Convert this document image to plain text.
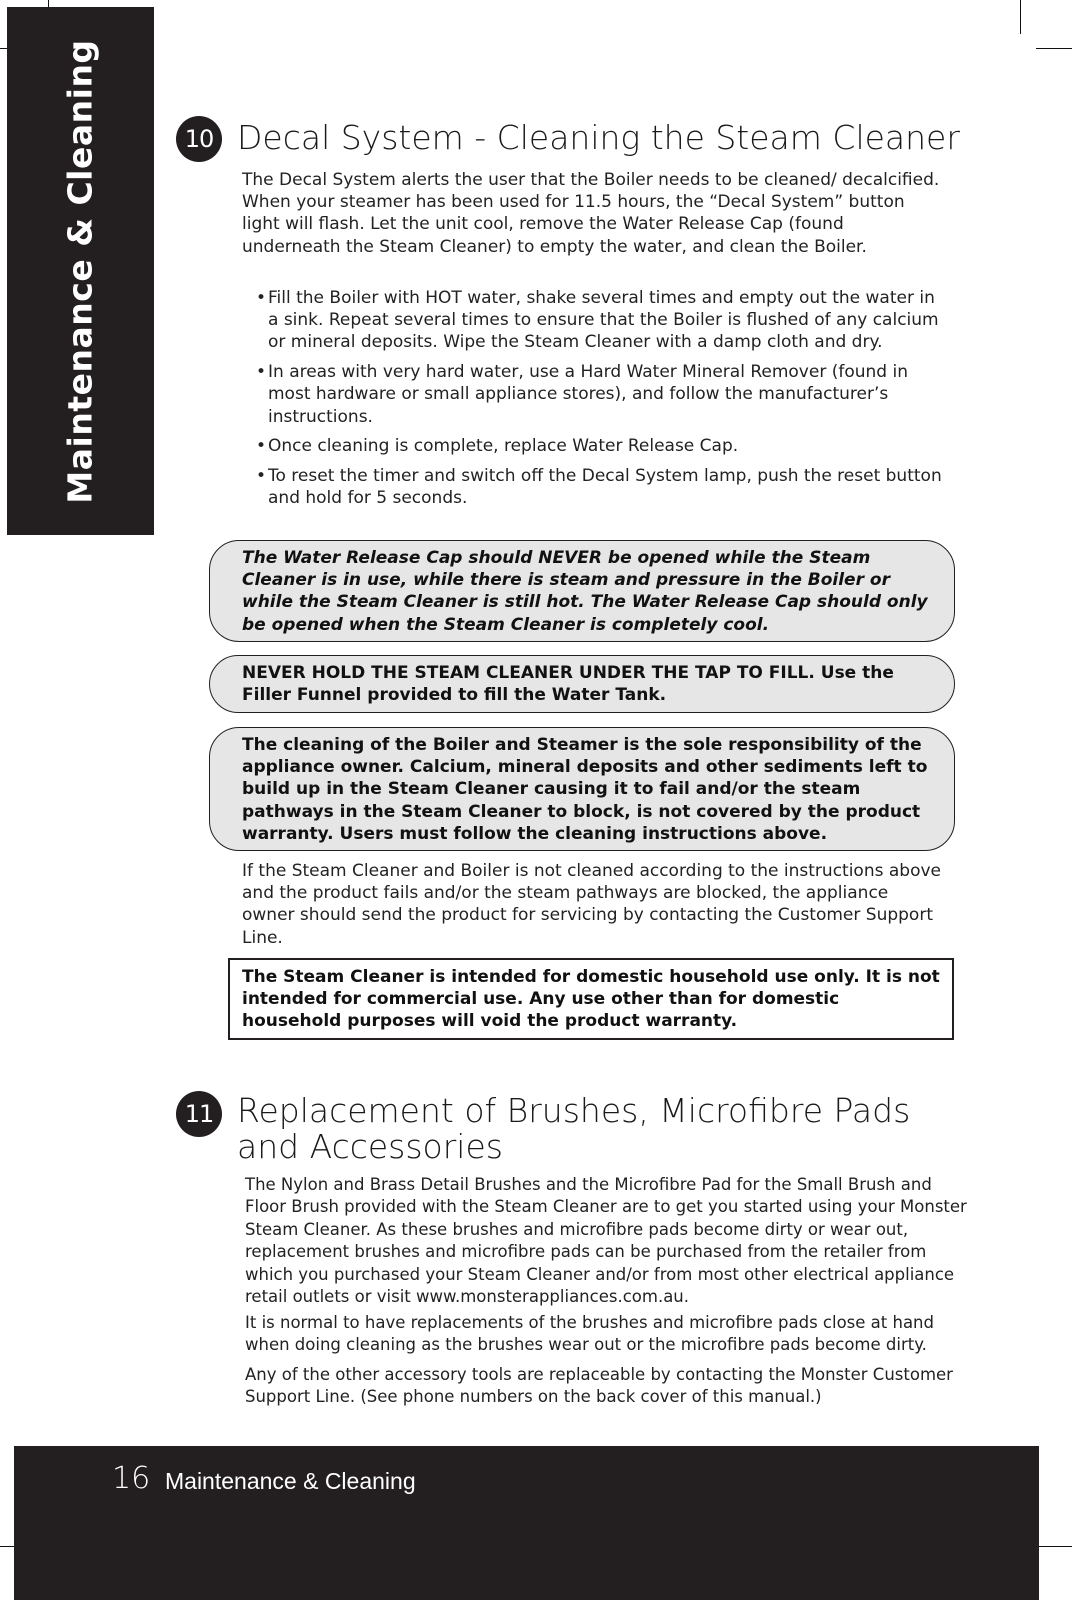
Maintenance & Cleaning	10 Decal System - Cleaning the Steam Cleaner

The Decal System alerts the user that the Boiler needs to be cleaned/ decalcified. When your steamer has been used for 11.5 hours, the “Decal System” button light will flash. Let the unit cool, remove the Water Release Cap (found underneath the Steam Cleaner) to empty the water, and clean the Boiler.

• Fill the Boiler with HOT water, shake several times and empty out the water in a sink. Repeat several times to ensure that the Boiler is flushed of any calcium or mineral deposits. Wipe the Steam Cleaner with a damp cloth and dry.
• In areas with very hard water, use a Hard Water Mineral Remover (found in most hardware or small appliance stores), and follow the manufacturer’s instructions.
• Once cleaning is complete, replace Water Release Cap.
• To reset the timer and switch off the Decal System lamp, push the reset button and hold for 5 seconds.
The Water Release Cap should NEVER be opened while the Steam Cleaner is in use, while there is steam and pressure in the Boiler or while the Steam Cleaner is still hot. The Water Release Cap should only be opened when the Steam Cleaner is completely cool.
NEVER HOLD THE STEAM CLEANER UNDER THE TAP TO FILL. Use the Filler Funnel provided to fill the Water Tank.
The cleaning of the Boiler and Steamer is the sole responsibility of the appliance owner. Calcium, mineral deposits and other sediments left to build up in the Steam Cleaner causing it to fail and/or the steam pathways in the Steam Cleaner to block, is not covered by the product warranty. Users must follow the cleaning instructions above.

If the Steam Cleaner and Boiler is not cleaned according to the instructions above and the product fails and/or the steam pathways are blocked, the appliance owner should send the product for servicing by contacting the Customer Support Line.

The Steam Cleaner is intended for domestic household use only. It is not intended for commercial use. Any use other than for domestic household purposes will void the product warranty.
11 Replacement of Brushes, Microfibre Pads
and Accessories

The Nylon and Brass Detail Brushes and the Microfibre Pad for the Small Brush and Floor Brush provided with the Steam Cleaner are to get you started using your Monster Steam Cleaner. As these brushes and microfibre pads become dirty or wear out, replacement brushes and microfibre pads can be purchased from the retailer from which you purchased your Steam Cleaner and/or from most other electrical appliance retail outlets or visit www.monsterappliances.com.au.

It is normal to have replacements of the brushes and microfibre pads close at hand when doing cleaning as the brushes wear out or the microfibre pads become dirty.

Any of the other accessory tools are replaceable by contacting the Monster Customer Support Line. (See phone numbers on the back cover of this manual.)

16 Maintenance & Cleaning
